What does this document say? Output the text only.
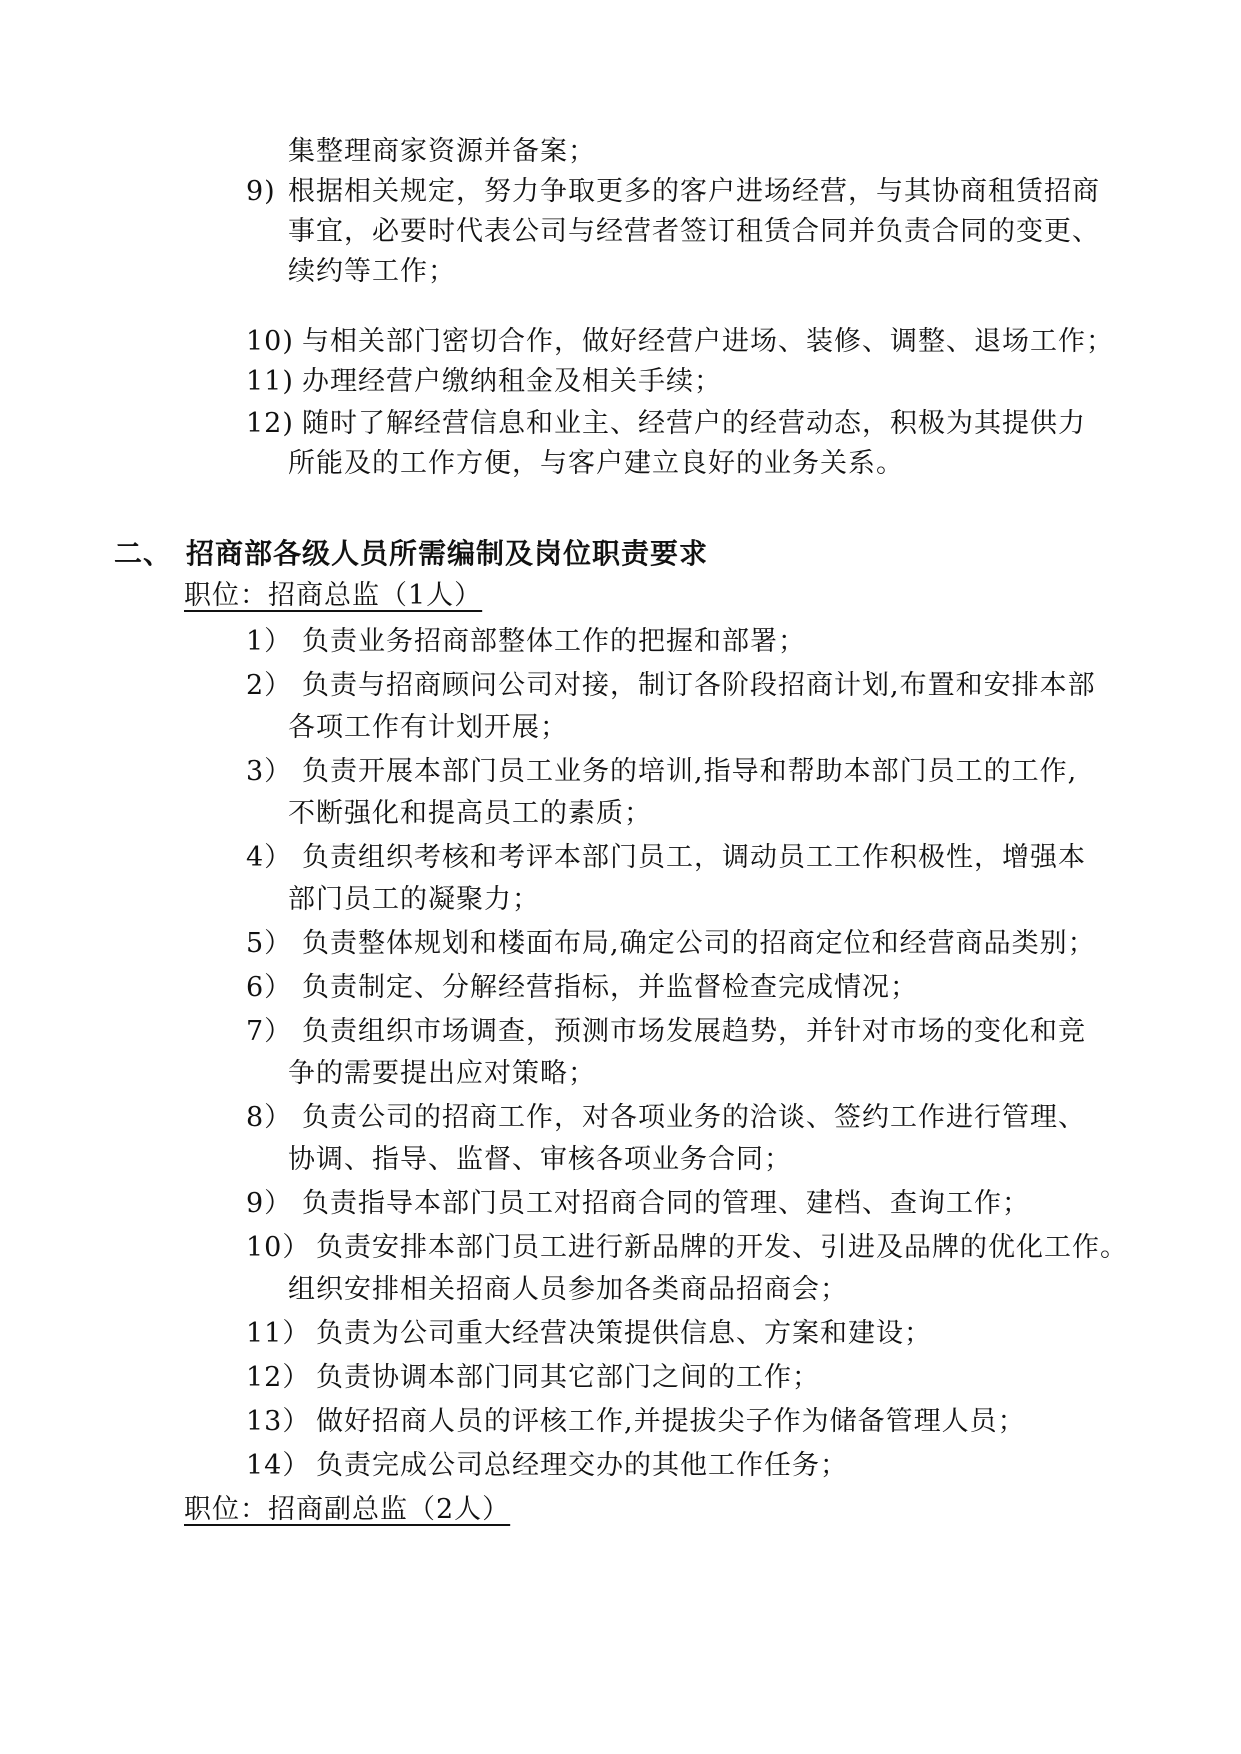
集整理商家资源并备案；
9) 根据相关规定，努力争取更多的客户进场经营，与其协商租赁招商
事宜，必要时代表公司与经营者签订租赁合同并负责合同的变更、
续约等工作；
10) 与相关部门密切合作，做好经营户进场、装修、调整、退场工作；
11) 办理经营户缴纳租金及相关手续；
12) 随时了解经营信息和业主、经营户的经营动态，积极为其提供力
所能及的工作方便，与客户建立良好的业务关系。
二、 招商部各级人员所需编制及岗位职责要求
职位：招商总监（1人）
1） 负责业务招商部整体工作的把握和部署；
2） 负责与招商顾问公司对接，制订各阶段招商计划,布置和安排本部
各项工作有计划开展；
3） 负责开展本部门员工业务的培训,指导和帮助本部门员工的工作,
不断强化和提高员工的素质；
4） 负责组织考核和考评本部门员工，调动员工工作积极性，增强本
部门员工的凝聚力；
5） 负责整体规划和楼面布局,确定公司的招商定位和经营商品类别；
6） 负责制定、分解经营指标，并监督检查完成情况；
7） 负责组织市场调查，预测市场发展趋势，并针对市场的变化和竞
争的需要提出应对策略；
8） 负责公司的招商工作，对各项业务的洽谈、签约工作进行管理、
协调、指导、监督、审核各项业务合同；
9） 负责指导本部门员工对招商合同的管理、建档、查询工作；
10） 负责安排本部门员工进行新品牌的开发、引进及品牌的优化工作。
组织安排相关招商人员参加各类商品招商会；
11） 负责为公司重大经营决策提供信息、方案和建设；
12） 负责协调本部门同其它部门之间的工作；
13） 做好招商人员的评核工作,并提拔尖子作为储备管理人员；
14） 负责完成公司总经理交办的其他工作任务；
职位：招商副总监（2人）
